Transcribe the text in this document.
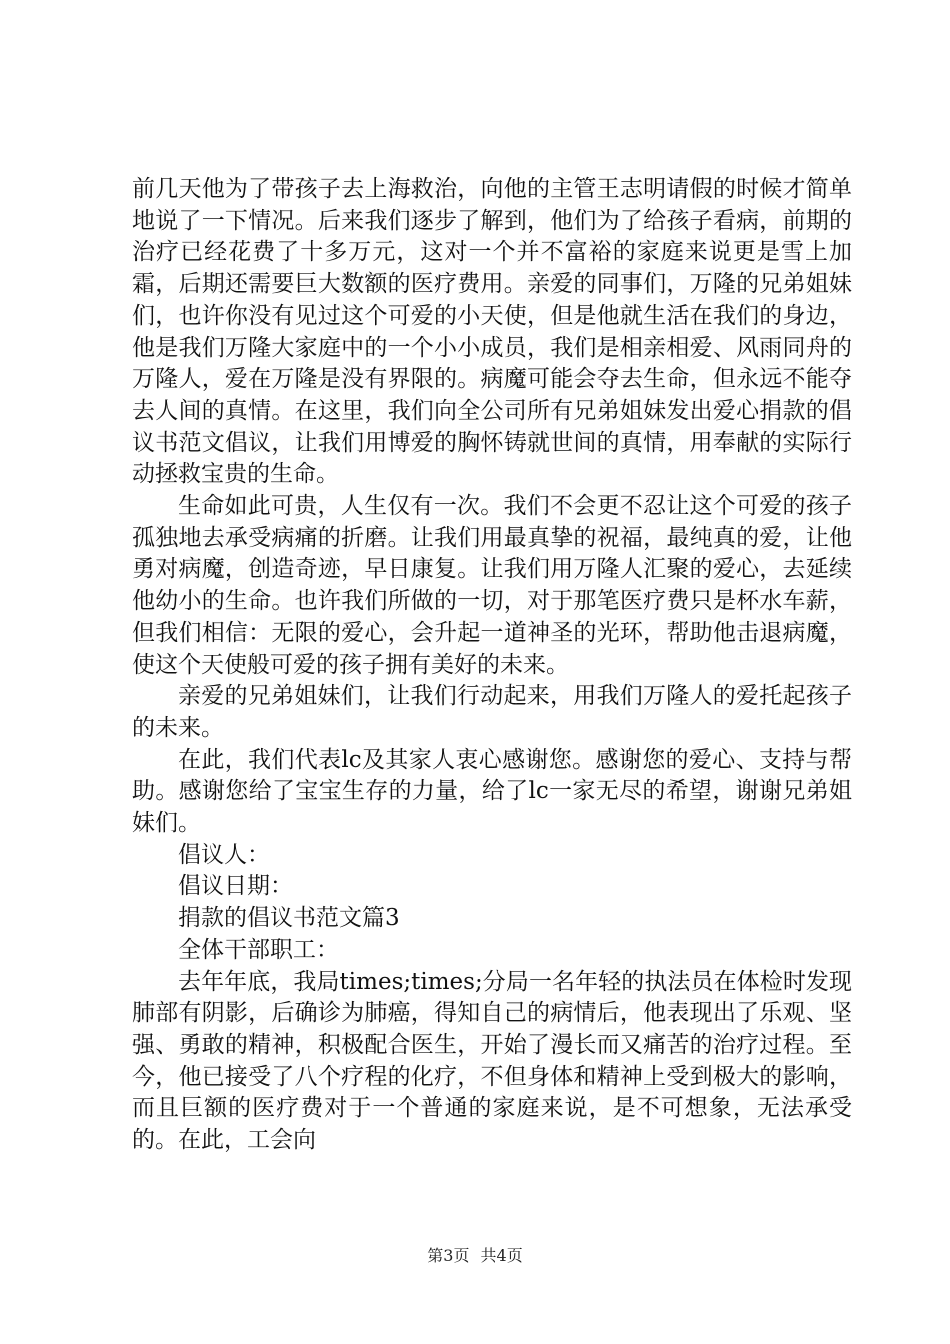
前几天他为了带孩子去上海救治，向他的主管王志明请假的时候才简单地说了一下情况。后来我们逐步了解到，他们为了给孩子看病，前期的治疗已经花费了十多万元，这对一个并不富裕的家庭来说更是雪上加霜，后期还需要巨大数额的医疗费用。亲爱的同事们，万隆的兄弟姐妹们，也许你没有见过这个可爱的小天使，但是他就生活在我们的身边，他是我们万隆大家庭中的一个小小成员，我们是相亲相爱、风雨同舟的万隆人，爱在万隆是没有界限的。病魔可能会夺去生命，但永远不能夺去人间的真情。在这里，我们向全公司所有兄弟姐妹发出爱心捐款的倡议书范文倡议，让我们用博爱的胸怀铸就世间的真情，用奉献的实际行动拯救宝贵的生命。

生命如此可贵，人生仅有一次。我们不会更不忍让这个可爱的孩子孤独地去承受病痛的折磨。让我们用最真挚的祝福，最纯真的爱，让他勇对病魔，创造奇迹，早日康复。让我们用万隆人汇聚的爱心，去延续他幼小的生命。也许我们所做的一切，对于那笔医疗费只是杯水车薪，但我们相信：无限的爱心，会升起一道神圣的光环，帮助他击退病魔，使这个天使般可爱的孩子拥有美好的未来。

亲爱的兄弟姐妹们，让我们行动起来，用我们万隆人的爱托起孩子的未来。

在此，我们代表lc及其家人衷心感谢您。感谢您的爱心、支持与帮助。感谢您给了宝宝生存的力量，给了lc一家无尽的希望，谢谢兄弟姐妹们。

倡议人：

倡议日期：

捐款的倡议书范文篇3

全体干部职工：

去年年底，我局times;times;分局一名年轻的执法员在体检时发现肺部有阴影，后确诊为肺癌，得知自己的病情后，他表现出了乐观、坚强、勇敢的精神，积极配合医生，开始了漫长而又痛苦的治疗过程。至今，他已接受了八个疗程的化疗，不但身体和精神上受到极大的影响，而且巨额的医疗费对于一个普通的家庭来说，是不可想象，无法承受的。在此，工会向

第3页 共4页
